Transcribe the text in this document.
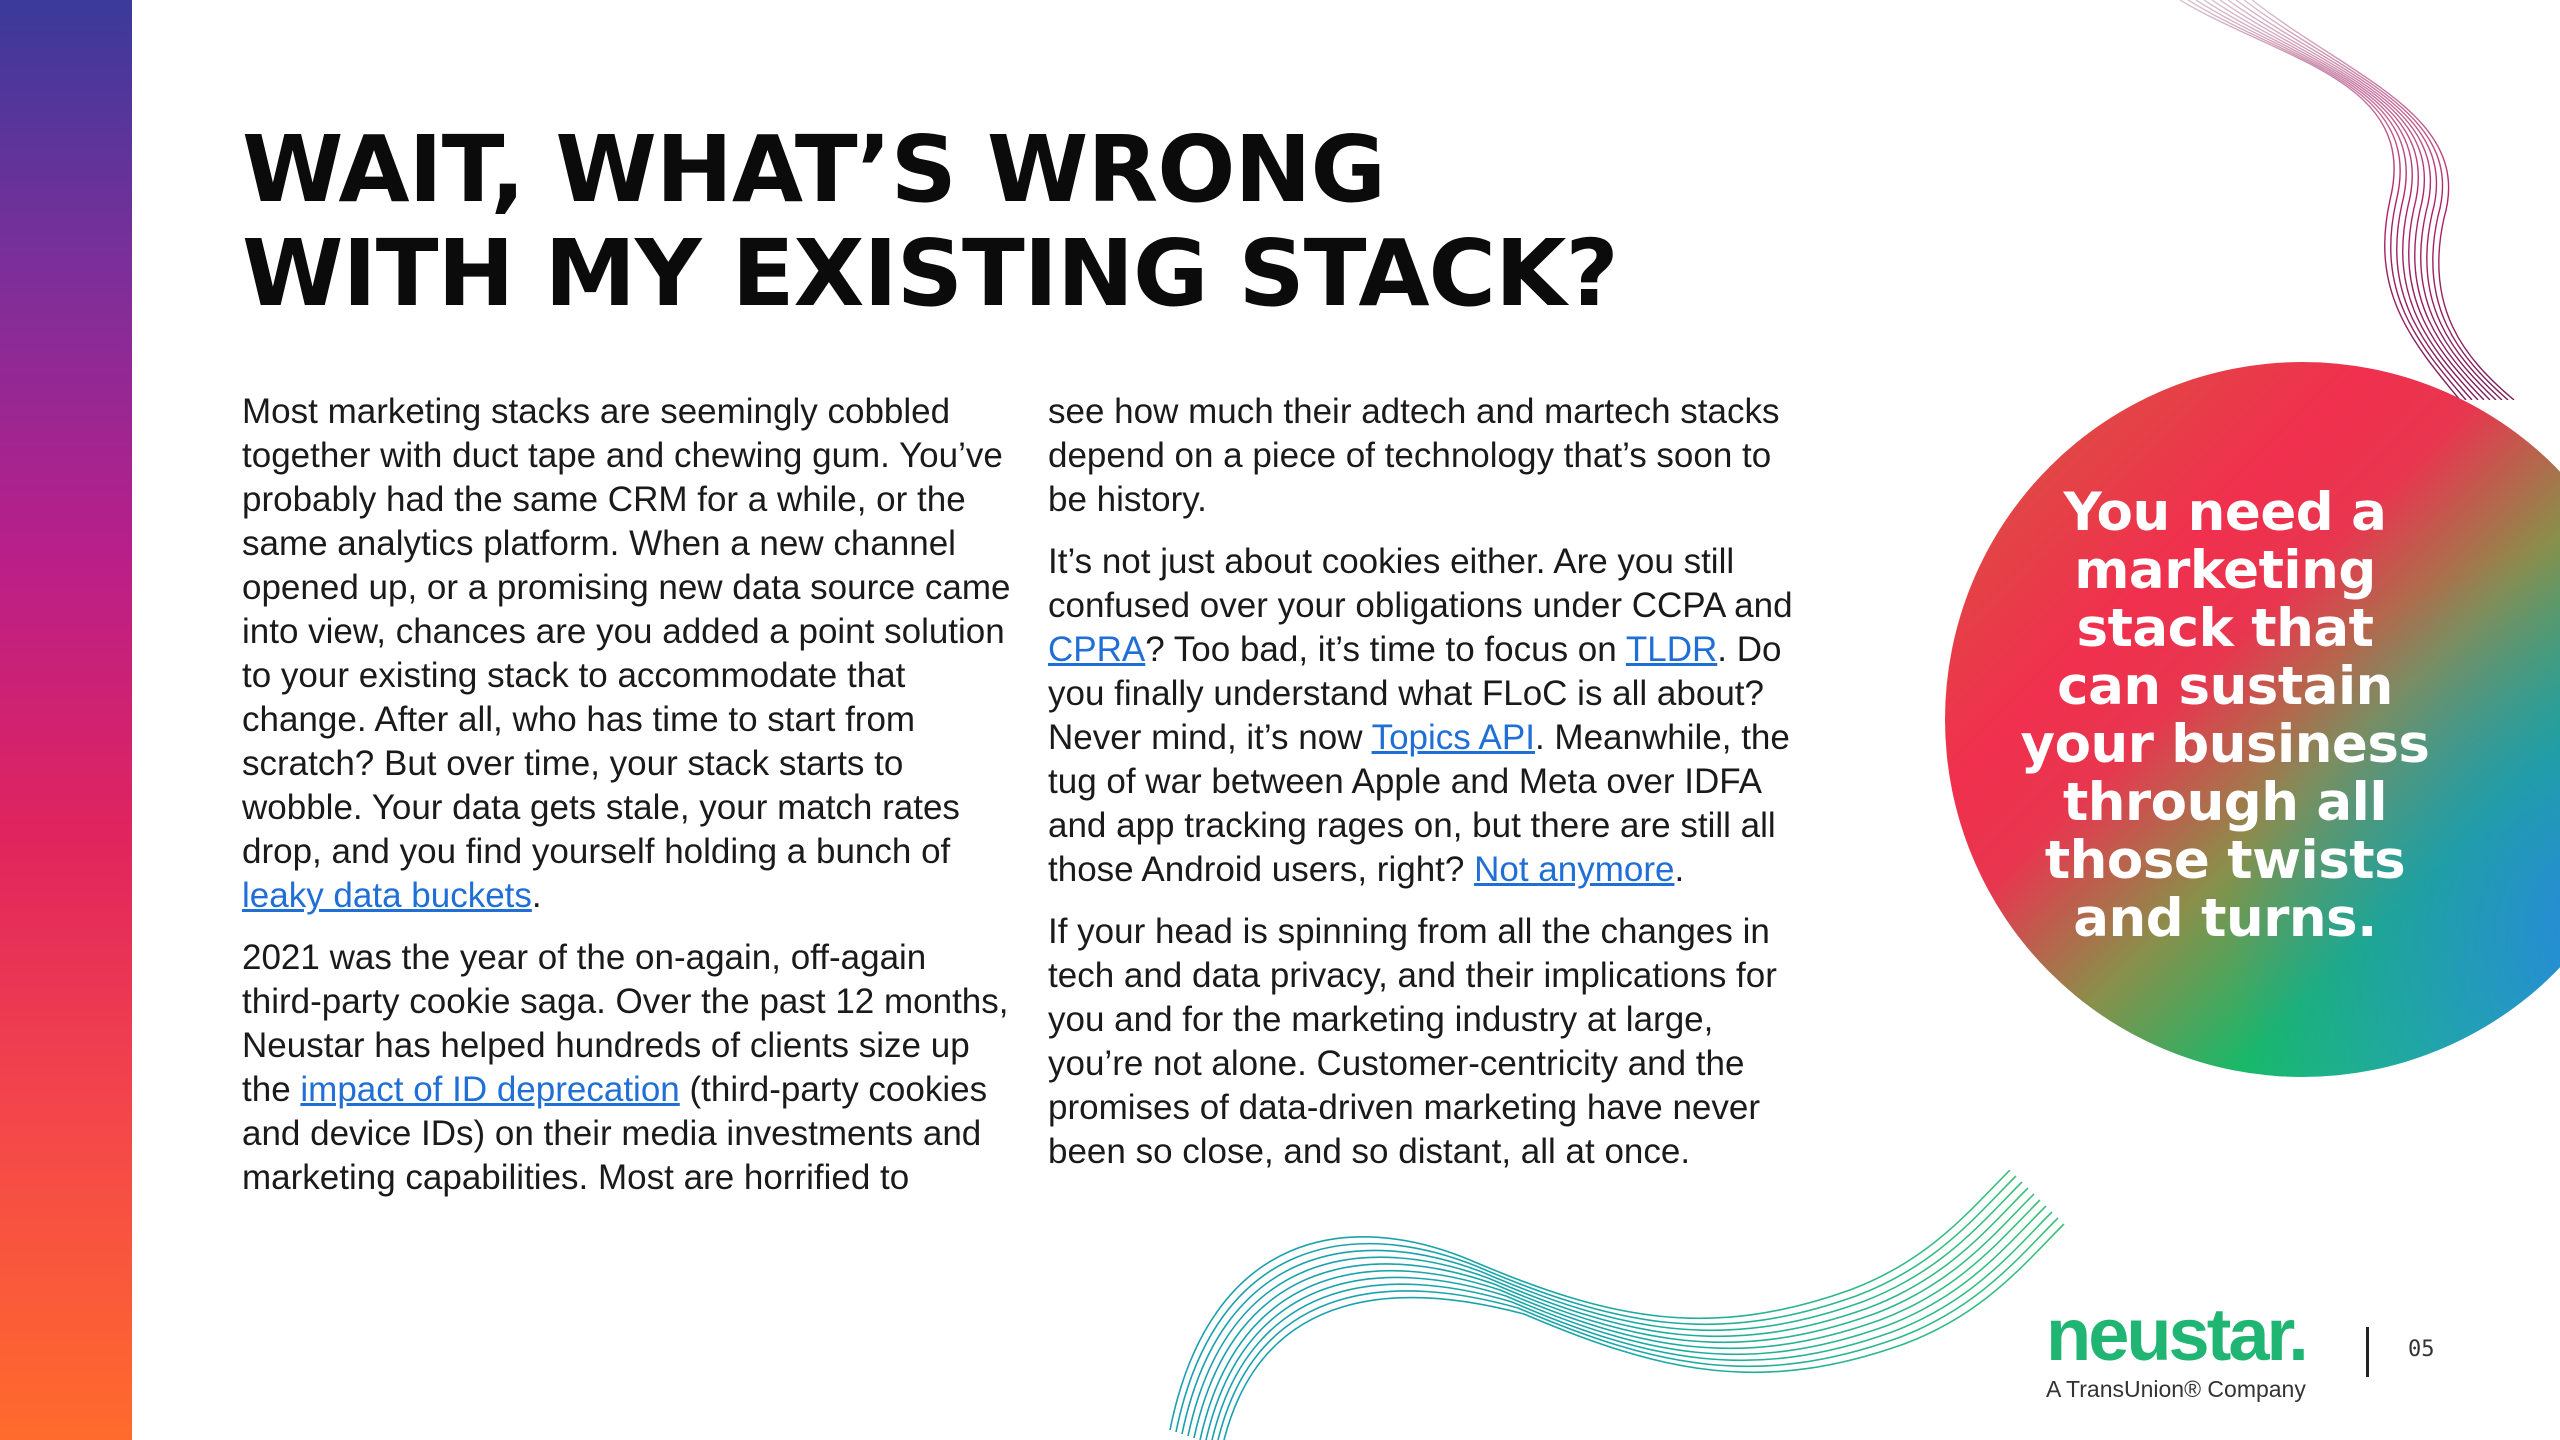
WAIT, WHAT’S WRONG
WITH MY EXISTING STACK?

Most marketing stacks are seemingly cobbled together with duct tape and chewing gum. You’ve probably had the same CRM for a while, or the same analytics platform. When a new channel opened up, or a promising new data source came into view, chances are you added a point solution to your existing stack to accommodate that change. After all, who has time to start from scratch? But over time, your stack starts to wobble. Your data gets stale, your match rates drop, and you find yourself holding a bunch of leaky data buckets.

2021 was the year of the on-again, off-again third-party cookie saga. Over the past 12 months, Neustar has helped hundreds of clients size up the impact of ID deprecation (third-party cookies and device IDs) on their media investments and marketing capabilities. Most are horrified to

see how much their adtech and martech stacks depend on a piece of technology that’s soon to be history.

It’s not just about cookies either. Are you still confused over your obligations under CCPA and CPRA? Too bad, it’s time to focus on TLDR. Do you finally understand what FLoC is all about? Never mind, it’s now Topics API. Meanwhile, the tug of war between Apple and Meta over IDFA and app tracking rages on, but there are still all those Android users, right? Not anymore.

If your head is spinning from all the changes in tech and data privacy, and their implications for you and for the marketing industry at large, you’re not alone. Customer-centricity and the promises of data-driven marketing have never been so close, and so distant, all at once.

You need a
marketing
stack that
can sustain
your business
through all
those twists
and turns.

neustar.
A TransUnion® Company
05
